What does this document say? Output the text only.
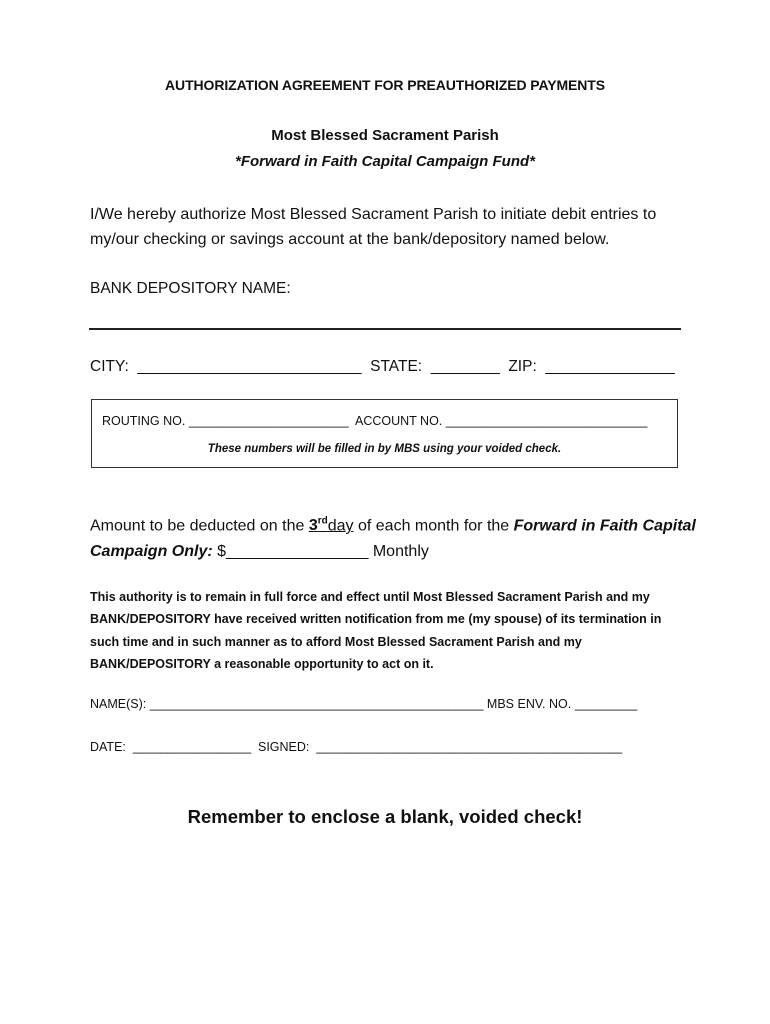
AUTHORIZATION AGREEMENT FOR PREAUTHORIZED PAYMENTS
Most Blessed Sacrament Parish
*Forward in Faith Capital Campaign Fund*
I/We hereby authorize Most Blessed Sacrament Parish to initiate debit entries to my/our checking or savings account at the bank/depository named below.
BANK DEPOSITORY NAME:
CITY: __________________________ STATE: ________ ZIP: _______________
ROUTING NO. _______________________ ACCOUNT NO. _____________________________
These numbers will be filled in by MBS using your voided check.
Amount to be deducted on the 3rdday of each month for the Forward in Faith Capital Campaign Only: $________________ Monthly
This authority is to remain in full force and effect until Most Blessed Sacrament Parish and my BANK/DEPOSITORY have received written notification from me (my spouse) of its termination in such time and in such manner as to afford Most Blessed Sacrament Parish and my BANK/DEPOSITORY a reasonable opportunity to act on it.
NAME(S): ________________________________________________ MBS ENV. NO. _________
DATE: _________________ SIGNED: ____________________________________________
Remember to enclose a blank, voided check!
